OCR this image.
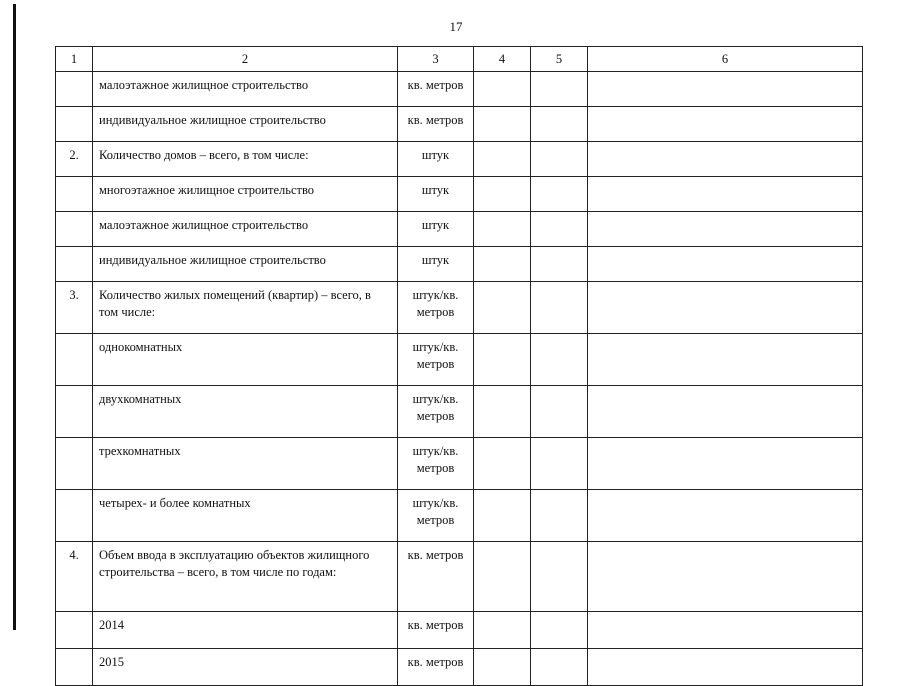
17
1	2	3	4	5	6
	малоэтажное жилищное строительство	кв. метров			
	индивидуальное жилищное строительство	кв. метров			
2.	Количество домов – всего, в том числе:	штук			
	многоэтажное жилищное строительство	штук			
	малоэтажное жилищное строительство	штук			
	индивидуальное жилищное строительство	штук			
3.	Количество жилых помещений (квартир) – всего, в том числе:	штук/кв. метров			
	однокомнатных	штук/кв. метров			
	двухкомнатных	штук/кв. метров			
	трехкомнатных	штук/кв. метров			
	четырех- и более комнатных	штук/кв. метров			
4.	Объем ввода в эксплуатацию объектов жилищного строительства – всего, в том числе по годам:	кв. метров			
	2014	кв. метров			
	2015	кв. метров			
